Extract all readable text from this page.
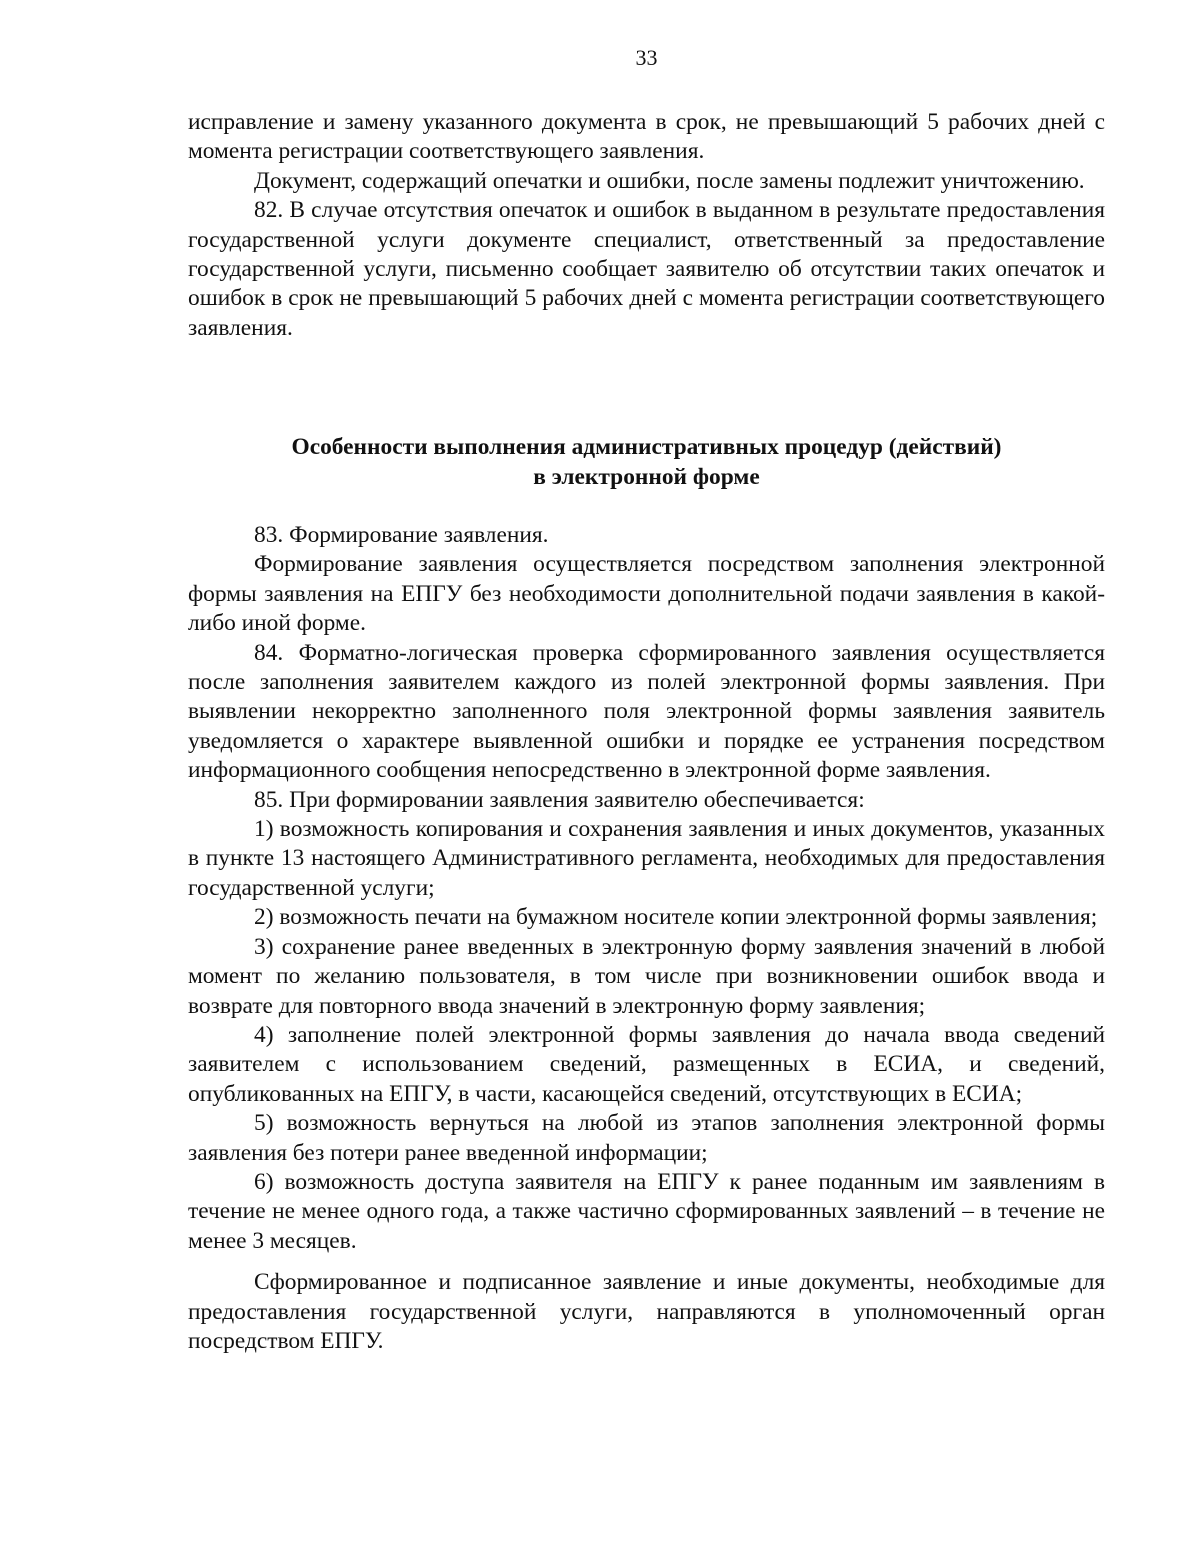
33

исправление и замену указанного документа в срок, не превышающий 5 рабочих дней с момента регистрации соответствующего заявления.

Документ, содержащий опечатки и ошибки, после замены подлежит уничтожению.

82. В случае отсутствия опечаток и ошибок в выданном в результате предоставления государственной услуги документе специалист, ответственный за предоставление государственной услуги, письменно сообщает заявителю об отсутствии таких опечаток и ошибок в срок не превышающий 5 рабочих дней с момента регистрации соответствующего заявления.

Особенности выполнения административных процедур (действий)
в электронной форме

83. Формирование заявления.

Формирование заявления осуществляется посредством заполнения электронной формы заявления на ЕПГУ без необходимости дополнительной подачи заявления в какой-либо иной форме.

84. Форматно-логическая проверка сформированного заявления осуществляется после заполнения заявителем каждого из полей электронной формы заявления. При выявлении некорректно заполненного поля электронной формы заявления заявитель уведомляется о характере выявленной ошибки и порядке ее устранения посредством информационного сообщения непосредственно в электронной форме заявления.

85. При формировании заявления заявителю обеспечивается:

1) возможность копирования и сохранения заявления и иных документов, указанных в пункте 13 настоящего Административного регламента, необходимых для предоставления государственной услуги;

2) возможность печати на бумажном носителе копии электронной формы заявления;

3) сохранение ранее введенных в электронную форму заявления значений в любой момент по желанию пользователя, в том числе при возникновении ошибок ввода и возврате для повторного ввода значений в электронную форму заявления;

4) заполнение полей электронной формы заявления до начала ввода сведений заявителем с использованием сведений, размещенных в ЕСИА, и сведений, опубликованных на ЕПГУ, в части, касающейся сведений, отсутствующих в ЕСИА;

5) возможность вернуться на любой из этапов заполнения электронной формы заявления без потери ранее введенной информации;

6) возможность доступа заявителя на ЕПГУ к ранее поданным им заявлениям в течение не менее одного года, а также частично сформированных заявлений – в течение не менее 3 месяцев.

Сформированное и подписанное заявление и иные документы, необходимые для предоставления государственной услуги, направляются в уполномоченный орган посредством ЕПГУ.
